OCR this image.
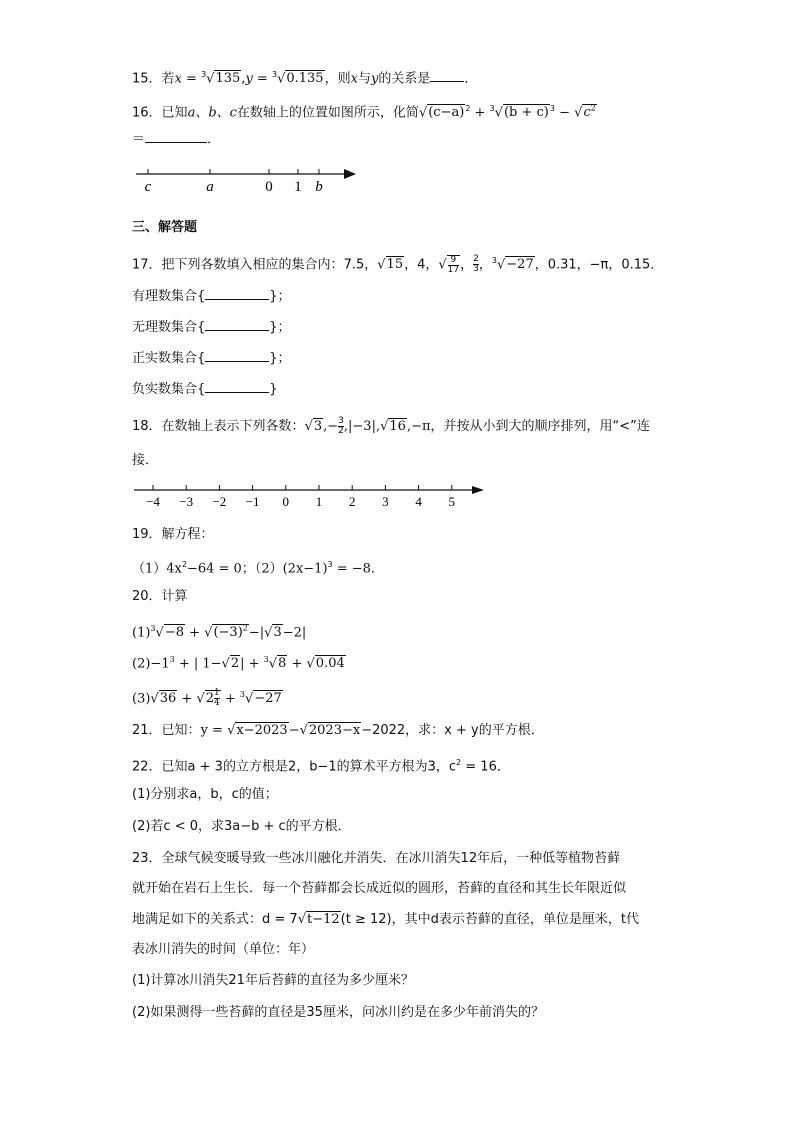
15．若x = $^3$√135,y = $^3$√0.135，则x与y的关系是	．
16．已知a、b、c在数轴上的位置如图所示，化简$√(c-a)^2 + ^3√(b + c)^3 - √c^2$
＝	．
c	a	0 1 b
三、解答题
17．把下列各数填入相应的集合内：7.5，√15，4，√ $\frac{9}{17}$ ， $\frac{2}{3}$ ，$^3$√−27，0.31，−π，0.15．
有理数集合{	}；
无理数集合{	}；
正实数集合{	}；
负实数集合{	}
18．在数轴上表示下列各数：$√3,- \frac{3}{2} ,|-3|,√16,-\pi$，并按从小到大的顺序排列，用“<”连
接．
−4 −3 −2 −1 0 1 2 3 4 5
19．解方程：
$(1)4x^2-64 = 0$；$(2)(2x-1)^3 = -8$．
20．计算
$(1)^3√-8 + √(-3)^2-|√3-2|$
$(2)-1^3$ + | 1−√2| + $^3$√8 + √0.04
$(3)√36 + √2 \frac{1}{4} + ^3√-27$
21．已知：y = √x−2023−√2023−x−2022，求：x + y的平方根．
22．已知a + 3的立方根是2，b−1的算术平方根为3，$c^2 = 16$．
(1)分别求a，b，c的值；
(2)若c < 0，求3a−b + c的平方根．
23．全球气候变暖导致一些冰川融化并消失．在冰川消失12年后，一种低等植物苔藓
就开始在岩石上生长．每一个苔藓都会长成近似的圆形，苔藓的直径和其生长年限近似
地满足如下的关系式：d = 7√t−12(t ≥ 12)，其中d表示苔藓的直径，单位是厘米，t代
表冰川消失的时间（单位：年）
(1)计算冰川消失21年后苔藓的直径为多少厘米？
(2)如果测得一些苔藓的直径是35厘米，问冰川约是在多少年前消失的？
